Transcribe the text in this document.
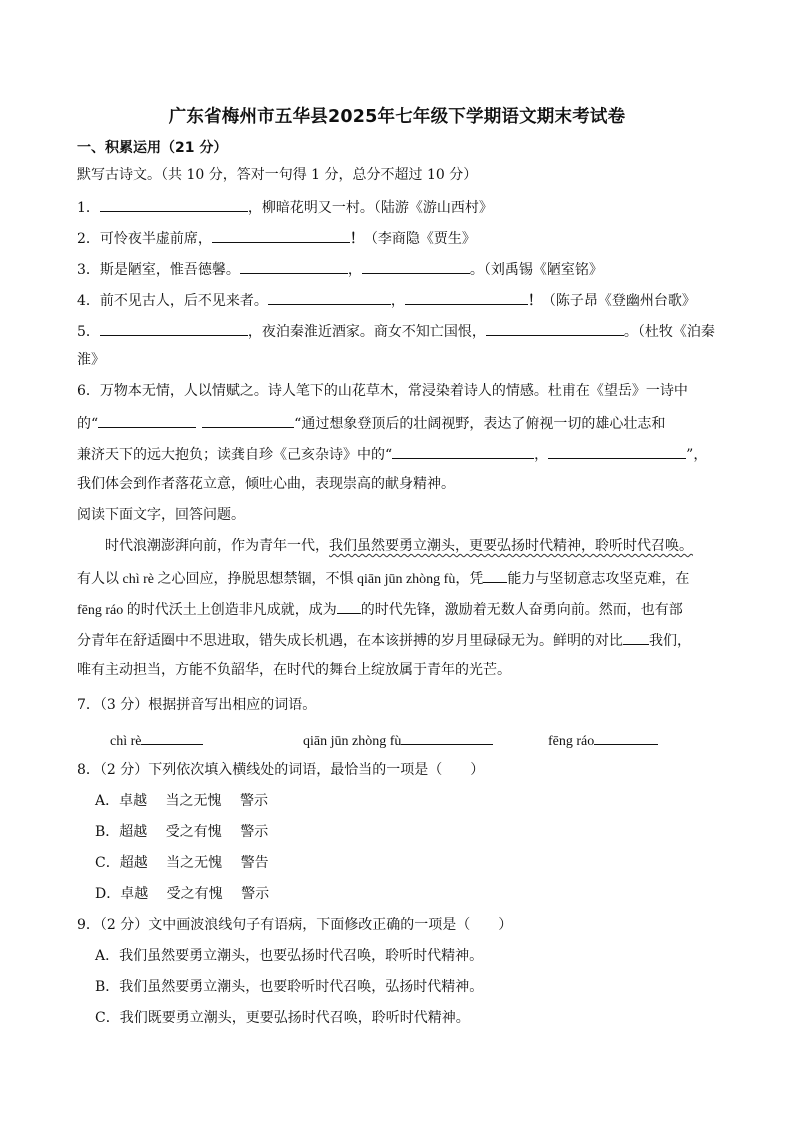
广东省梅州市五华县2025年七年级下学期语文期末考试卷
一、积累运用（21 分）
默写古诗文。（共 10 分，答对一句得 1 分，总分不超过 10 分）
1．	，柳暗花明又一村。（陆游《游山西村》
2．可怜夜半虚前席，	！（李商隐《贾生》
3．斯是陋室，惟吾德馨。	，	。（刘禹锡《陋室铭》
4．前不见古人，后不见来者。	，	！（陈子昂《登幽州台歌》
5．	，夜泊秦淮近酒家。商女不知亡国恨，	。（杜牧《泊秦
淮》
6．万物本无情，人以情赋之。诗人笔下的山花草木，常浸染着诗人的情感。杜甫在《望岳》一诗中
的“	“通过想象登顶后的壮阔视野，表达了俯视一切的雄心壮志和
兼济天下的远大抱负；读龚自珍《己亥杂诗》中的“	，	”，
我们体会到作者落花立意，倾吐心曲，表现崇高的献身精神。
阅读下面文字，回答问题。
时代浪潮澎湃向前，作为青年一代，我们虽然要勇立潮头，更要弘扬时代精神，聆听时代召唤。
有人以 chì rè 之心回应，挣脱思想禁锢，不惧 qiān jūn zhòng fù，凭 能力与坚韧意志攻坚克难，在
fēng ráo 的时代沃土上创造非凡成就，成为 的时代先锋，激励着无数人奋勇向前。然而，也有部
分青年在舒适圈中不思进取，错失成长机遇，在本该拼搏的岁月里碌碌无为。鲜明的对比 我们，
唯有主动担当，方能不负韶华，在时代的舞台上绽放属于青年的光芒。
7．（3 分）根据拼音写出相应的词语。
chì rè	qiān jūn zhòng fù	fēng ráo
8．（2 分）下列依次填入横线处的词语，最恰当的一项是（　　）
A．卓越　 当之无愧　 警示
B．超越　 受之有愧　 警示
C．超越　 当之无愧　 警告
D．卓越　 受之有愧　 警示
9．（2 分）文中画波浪线句子有语病，下面修改正确的一项是（　　）
A．我们虽然要勇立潮头，也要弘扬时代召唤，聆听时代精神。
B．我们虽然要勇立潮头，也要聆听时代召唤，弘扬时代精神。
C．我们既要勇立潮头，更要弘扬时代召唤，聆听时代精神。
